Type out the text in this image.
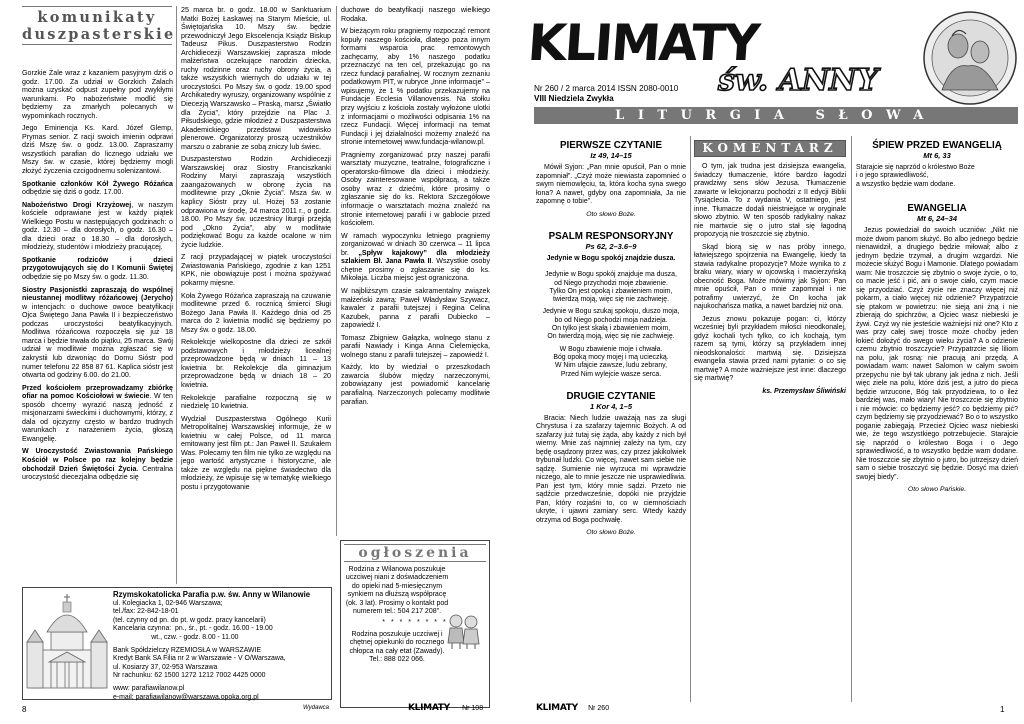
komunikaty duszpasterskie

Gorzkie Żale wraz z kazaniem pasyjnym dziś o godz. 17.00. Za udział w Gorzkich Żalach można uzyskać odpust zupełny pod zwykłymi warunkami. Po nabożeństwie modlić się będziemy za zmarłych polecanych w wypominkach rocznych.

Jego Eminencja Ks. Kard. Józef Glemp, Prymas senior. Z racji swoich imienin odprawi dziś Mszę św. o godz. 13.00. Zapraszamy wszystkich parafian do licznego udziału we Mszy św. w czasie, której będziemy mogli złożyć życzenia czcigodnemu solenizantowi.

Spotkanie członków Kół Żywego Różańca odbędzie się dziś o godz. 17.00.

Nabożeństwo Drogi Krzyżowej, w naszym kościele odprawiane jest w każdy piątek Wielkiego Postu w następujących godzinach: o godz. 12.30 – dla dorosłych, o godz. 16.30 – dla dzieci oraz o 18.30 – dla dorosłych, młodzieży, studentów i młodzieży pracującej.

Spotkanie rodziców i dzieci przygotowujących się do I Komunii Świętej odbędzie się po Mszy św. o godz. 11.30.

Siostry Pasjonistki zapraszają do wspólnej nieustannej modlitwy różańcowej (Jerycho) w intencjach: o duchowe owoce beatyfikacji Ojca Świętego Jana Pawła II i bezpieczeństwo podczas uroczystości beatyfikacyjnych. Modlitwa różańcowa rozpoczęła się już 18 marca i będzie trwała do piątku, 25 marca. Swój udział w modlitwie można zgłaszać się w zakrystii lub dzwoniąc do Domu Sióstr pod numer telefonu 22 858 87 61. Kaplica sióstr jest otwarta od godziny 6.00. do 21.00.

Przed kościołem przeprowadzamy zbiórkę ofiar na pomoc Kościołowi w świecie. W ten sposób chcemy wyrazić naszą jedność z misjonarzami świeckimi i duchownymi, którzy, z dala od ojczyzny często w bardzo trudnych warunkach z narażeniem życia, głoszą Ewangelię.

W Uroczystość Zwiastowania Pańskiego Kościół w Polsce po raz kolejny będzie obchodził Dzień Świętości Życia. Centralna uroczystość diecezjalna odbędzie się

25 marca br. o godz. 18.00 w Sanktuarium Matki Bożej Łaskawej na Starym Mieście, ul. Świętojańska 10. Mszy św. będzie przewodniczył Jego Ekscelencja Ksiądz Biskup Tadeusz Pikus. Duszpasterstwo Rodzin Archidiecezji Warszawskiej zaprasza młode małżeństwa oczekujące narodzin dziecka, ruchy rodzinne oraz ruchy obrony życia, a także wszystkich wiernych do udziału w tej uroczystości. Po Mszy św. o godz. 19.00 spod Archikatedry wyruszy, organizowany wspólnie z Diecezją Warszawsko – Praską, marsz „Światło dla Życia”, który przejdzie na Plac J. Piłsudskiego, gdzie młodzież z Duszpasterstwa Akademickiego przedstawi widowisko plenerowe. Organizatorzy proszą uczestników marszu o zabranie ze sobą zniczy lub świec.

Duszpasterstwo Rodzin Archidiecezji Warszawskiej oraz Siostry Franciszkanki Rodziny Maryi zapraszają wszystkich zaangażowanych w obronę życia na modlitewne przy „Oknie Życia”. Msza św. w kaplicy Sióstr przy ul. Hożej 53 zostanie odprawiona w środę, 24 marca 2011 r., o godz. 18.00. Po Mszy św. uczestnicy liturgii przejdą pod „Okno Życia”, aby w modlitwie podziękować Bogu za każde ocalone w nim życie ludzkie.

Z racji przypadającej w piątek uroczystości Zwiastowania Pańskiego, zgodnie z kan 1251 KPK, nie obowiązuje post i można spożywać pokarmy mięsne.

Koła Żywego Różańca zapraszają na czuwanie modlitewne przed 6. rocznicą śmierci Sługi Bożego Jana Pawła II. Każdego dnia od 25 marca do 2 kwietnia modlić się będziemy po Mszy św. o godz. 18.00.

Rekolekcje wielkopostne dla dzieci ze szkół podstawowych i młodzieży licealnej przeprowadzone będą w dniach 11 – 13 kwietnia br. Rekolekcje dla gimnazjum przeprowadzone będą w dniach 18 – 20 kwietnia.

Rekolekcje parafialne rozpoczną się w niedzielę 10 kwietnia.

Wydział Duszpasterstwa Ogólnego Kurii Metropolitalnej Warszawskiej informuje, że w kwietniu w całej Polsce, od 11 marca emitowany jest film pt.: Jan Paweł II. Szukałem Was. Polecamy ten film nie tylko ze względu na jego wartość artystyczne i historyczne, ale także ze względu na piękne świadectwo dla młodzieży, że wpisuje się w tematykę wielkiego postu i przygotowanie

duchowe do beatyfikacji naszego wielkiego Rodaka.

W bieżącym roku pragniemy rozpocząć remont kopuły naszego kościoła, dlatego poza innym formami wsparcia prac remontowych zachęcamy, aby 1% naszego podatku przeznaczyć na ten cel, przekazując go na rzecz fundacji parafialnej. W rocznym zeznaniu podatkowym PIT, w rubryce „Inne informacje” – wpisujemy, że 1 % podatku przekazujemy na Fundacje Ecclesia Villanovensis. Na stołku przy wyjściu z kościoła zostały wyłożone ulotki z informacjami o możliwości odpisania 1% na rzecz Fundacji. Więcej informacji na temat Fundacji i jej działalności możemy znaleźć na stronie internetowej www.fundacja-wilanow.pl.

Pragniemy zorganizować przy naszej parafii warsztaty muzyczne, teatralne, fotograficzne i operatorsko-filmowe dla dzieci i młodzieży. Osoby zainteresowane współpracą, a także osoby wraz z dziećmi, które prosimy o zgłaszanie się do ks. Rektora Szczegółowe informacje o warsztatach można znaleźć na stronie internetowej parafii i w gablocie przed kościołem.

W ramach wypoczynku letniego pragniemy zorganizować w dniach 30 czerwca – 11 lipca br. „Spływ kajakowy” dla młodzieży szlakiem Bł. Jana Pawła II. Wszystkie osoby chętne prosimy o zgłaszanie się do ks. Mikołaja. Liczba miejsc jest ograniczona.

W najbliższym czasie sakramentalny związek małżeński zawrą: Paweł Władysław Szywacz, kawaler z parafii tutejszej i Regina Celina Kazubek, panna z parafii Dubiecko – zapowiedź I.

Tomasz Zbigniew Gałązka, wolnego stanu z parafii Nawiady i Kinga Anna Cielemięcka, wolnego stanu z parafii tutejszej – zapowiedź I.

Każdy, kto by wiedział o przeszkodach zawarcia ślubów między narzeczonymi, zobowiązany jest powiadomić kancelarię parafialną. Narzeczonych polecamy modlitwie parafian.

ogłoszenia
Rodzina z Wilanowa poszukuje uczciwej niani z doświadczeniem do opieki nad 5-miesięcznym synkiem na dłuższą współpracę (ok. 3 lat). Prosimy o kontakt pod numerem tel.: 504 217 208".
* * * * * * * *
Rodzina poszukuje uczciwej i chętnej opiekunki do rocznego chłopca na cały etat (Zawady). Tel.: 888 022 066.
Rzymskokatolicka Parafia p.w. św. Anny w Wilanowie
ul. Kolegiacka 1, 02-946 Warszawa;
tel./fax: 22-842-18-01
(tel. czynny od pn. do pt. w godz. pracy kancelarii)
Kancelaria czynna:  pn., śr., pt. - godz. 16.00 - 19.00
wt., czw. - godz. 8.00 - 11.00
Bank Spółdzielczy RZEMIOSŁA w WARSZAWIE
Kredyt Bank SA Filia nr 2 w Warszawie - V O/Warszawa,
ul. Kosiarzy 37, 02-953 Warszawa
Nr rachunku: 62 1500 1272 1212 7002 4425 0000
www: parafiawilanow.pl
e-mail: parafiawilanow@warszawa.opoka.org.pl
Wydawca
8	KLIMATY Nr 108
KLIMATY
św. ANNY
Nr 260 / 2 marca 2014 ISSN 2080-0010
VIII Niedziela Zwykła
LITURGIA SŁOWA
PIERWSZE CZYTANIE
Iz 49, 14–15

Mówił Syjon: „Pan mnie opuścił, Pan o mnie zapomniał”. „Czyż może niewiasta zapomnieć o swym niemowlęciu, ta, która kocha syna swego łona? A nawet, gdyby ona zapomniała, Ja nie zapomnę o tobie”.

Oto słowo Boże.

PSALM RESPONSORYJNY
Ps 62, 2–3.6–9
Jedynie w Bogu spokój znajdzie dusza.
Jedynie w Bogu spokój znajduje ma dusza,
od Niego przychodzi moje zbawienie.
Tylko On jest opoką i zbawieniem moim,
twierdzą moją, więc się nie zachwieję.
Jedynie w Bogu szukaj spokoju, duszo moja,
bo od Niego pochodzi moja nadzieja.
On tylko jest skałą i zbawieniem moim,
On twierdzą moją, więc się nie zachwieję.
W Bogu zbawienie moje i chwała.
Bóg opoką mocy mojej i mą ucieczką.
W Nim ufajcie zawsze, ludu zebrany,
Przed Nim wylejcie wasze serca.
DRUGIE CZYTANIE
1 Kor 4, 1–5

Bracia: Niech ludzie uważają nas za sługi Chrystusa i za szafarzy tajemnic Bożych. A od szafarzy już tutaj się żąda, aby każdy z nich był wierny. Mnie zaś najmniej zależy na tym, czy będę osądzony przez was, czy przez jakikolwiek trybunał ludzki. Co więcej, nawet sam siebie nie sądzę. Sumienie nie wyrzuca mi wprawdzie niczego, ale to mnie jeszcze nie usprawiedliwia. Pan jest tym, który mnie sądzi. Przeto nie sądźcie przedwcześnie, dopóki nie przyjdzie Pan, który rozjaśni to, co w ciemnościach ukryte, i ujawni zamiary serc. Wtedy każdy otrzyma od Boga pochwałę.

Oto słowo Boże.

KOMENTARZ

O tym, jak trudna jest dzisiejsza ewangelia, świadczy tłumaczenie, które bardzo łagodzi prawdziwy sens słów Jezusa. Tłumaczenie zawarte w lekcjonarzu pochodzi z II edycji Biblii Tysiąclecia. To z wydania V, ostatniego, jest inne. Tłumacze dodali nieistniejące w oryginale słowo zbytnio. W ten sposób radykalny nakaz nie martwcie się o jutro stał się łagodną propozycją nie troszczcie się zbytnio.

Skąd biorą się w nas próby innego, łatwiejszego spojrzenia na Ewangelię, kiedy ta stawia radykalne propozycje? Może wynika to z braku wiary, wiary w ojcowską i macierzyńską obecność Boga. Może mówimy jak Syjon: Pan mnie opuścił, Pan o mnie zapomniał i nie potrafimy uwierzyć, że On kocha jak najukochańsza matka, a nawet bardziej niż ona.

Jezus znowu pokazuje pogan: ci, którzy wcześniej byli przykładem miłości nieodkonalej, gdyż kochali tych tylko, co ich kochają, tym razem są tymi, którzy są przykładem innej nieodskonalości: martwią się. Dzisiejsza ewangelia stawia przed nami pytanie: o co się martwię? A może ważniejsze jest inne: dlaczego się martwię?

ks. Przemysław Śliwiński

ŚPIEW PRZED EWANGELIĄ
Mt 6, 33
Starajcie się naprzód o królestwo Boże
i o jego sprawiedliwość,
a wszystko będzie wam dodane.
EWANGELIA
Mt 6, 24–34

Jezus powiedział do swoich uczniów: „Nikt nie może dwom panom służyć. Bo albo jednego będzie nienawidził, a drugiego będzie miłował; albo z jednym będzie trzymał, a drugim wzgardzi. Nie możecie służyć Bogu i Mamonie. Dlatego powiadam wam: Nie troszczcie się zbytnio o swoje życie, o to, co macie jeść i pić, ani o swoje ciało, czym macie się przyodziać. Czyż życie nie znaczy więcej niż pokarm, a ciało więcej niż odzienie? Przypatrzcie się ptakom w powietrzu: nie sieją ani żną i nie zbierają do spichrzów, a Ojciec wasz niebieski je żywi. Czyż wy nie jesteście ważniejsi niż one? Kto z was przy całej swej trosce może choćby jeden łokieć dołożyć do swego wieku życia? A o odzienie czemu zbytnio troszczycie? Przypatrzcie się liliom na polu, jak rosną: nie pracują ani przędą. A powiadam wam: nawet Salomon w całym swoim przepychu nie był tak ubrany jak jedna z nich. Jeśli więc ziele na polu, które dziś jest, a jutro do pieca będzie wrzucone, Bóg tak przyodziewa, to o ileż bardziej was, mało wiary! Nie troszczcie się zbytnio i nie mówcie: co będziemy jeść? co będziemy pić? czym będziemy się przyodziewać? Bo o to wszystko poganie zabiegają. Przecież Ojciec wasz niebieski wie, że tego wszystkiego potrzebujecie. Starajcie się naprzód o królestwo Boga i o Jego sprawiedliwość, a to wszystko będzie wam dodane. Nie troszczcie się zbytnio o jutro, bo jutrzejszy dzień sam o siebie troszczyć się będzie. Dosyć ma dzień swojej biedy”.

Oto słowo Pańskie.

KLIMATY Nr 260	1
